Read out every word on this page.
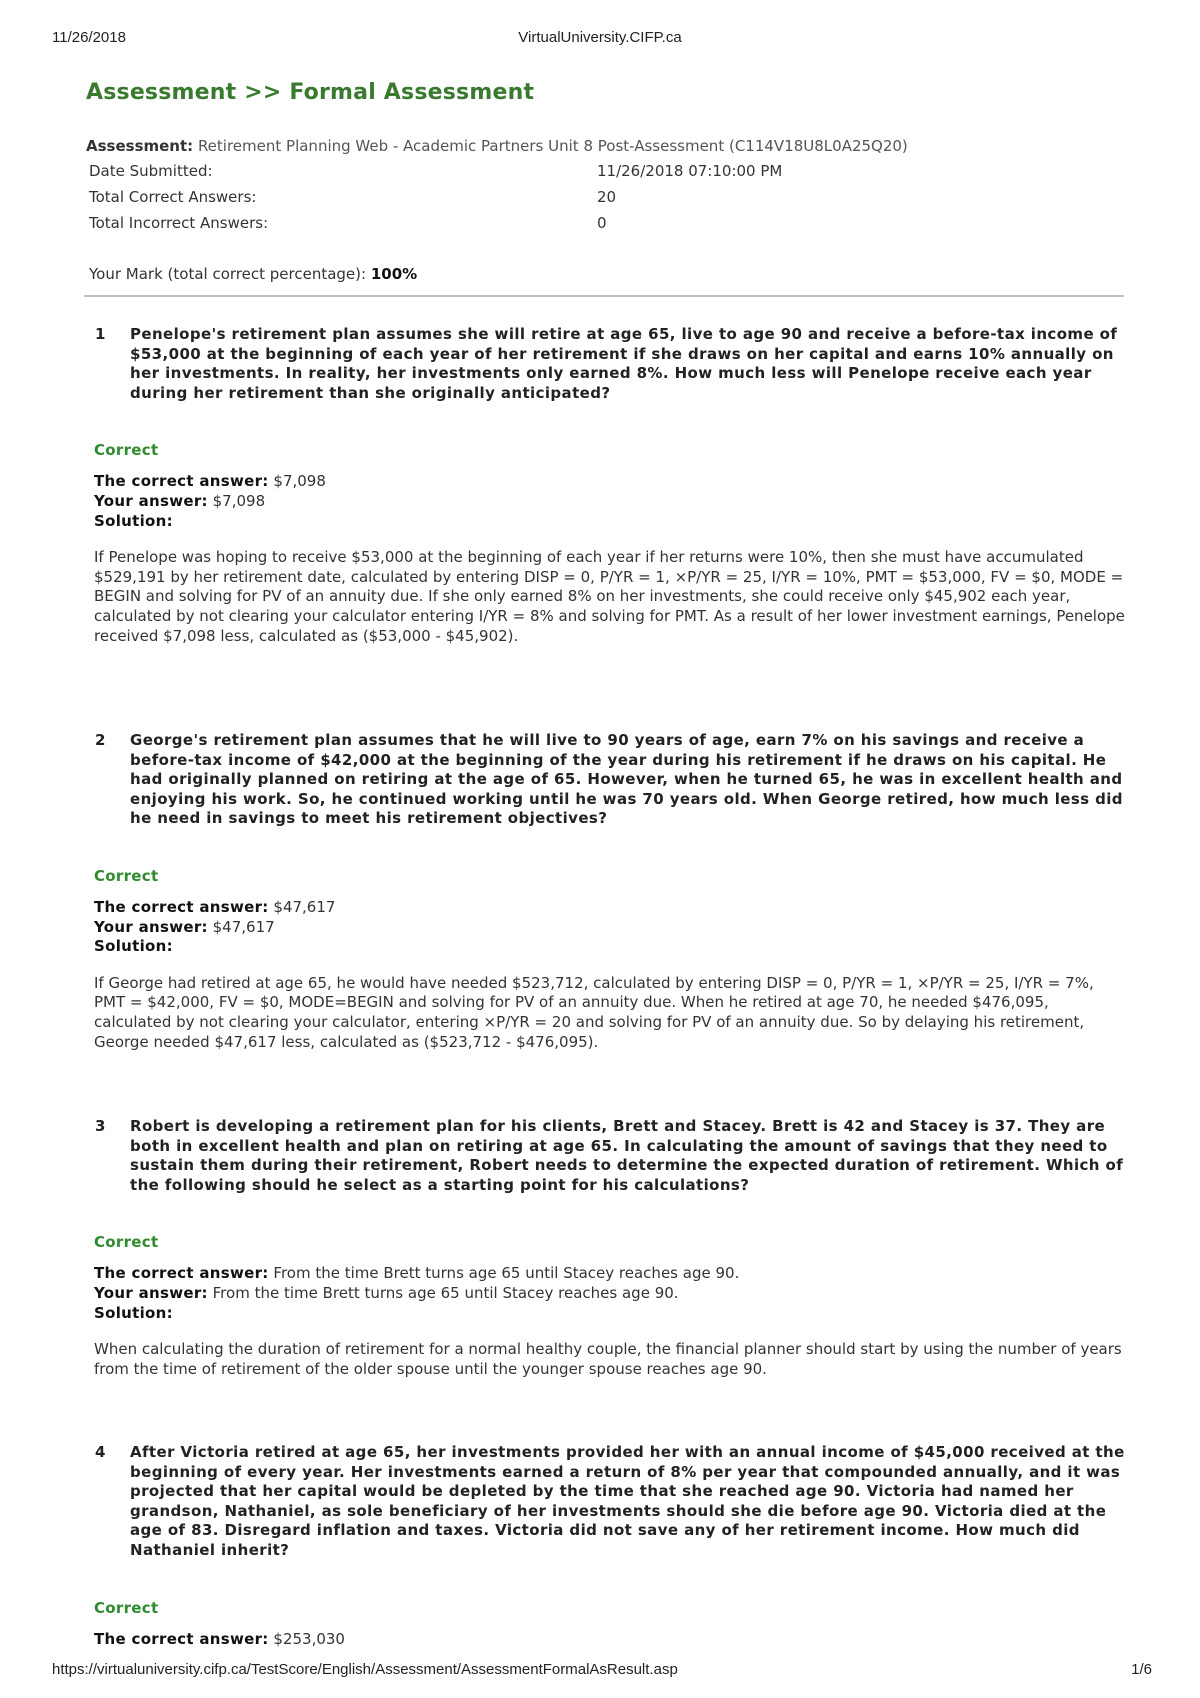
11/26/2018	VirtualUniversity.CIFP.ca
Assessment >> Formal Assessment
Assessment: Retirement Planning Web - Academic Partners Unit 8 Post-Assessment (C114V18U8L0A25Q20)
Date Submitted:	11/26/2018 07:10:00 PM
Total Correct Answers:	20
Total Incorrect Answers:	0
Your Mark (total correct percentage): 100%
1 Penelope's retirement plan assumes she will retire at age 65, live to age 90 and receive a before-tax income of $53,000 at the beginning of each year of her retirement if she draws on her capital and earns 10% annually on her investments. In reality, her investments only earned 8%. How much less will Penelope receive each year during her retirement than she originally anticipated?
Correct
The correct answer: $7,098
Your answer: $7,098
Solution:
If Penelope was hoping to receive $53,000 at the beginning of each year if her returns were 10%, then she must have accumulated $529,191 by her retirement date, calculated by entering DISP = 0, P/YR = 1, ×P/YR = 25, I/YR = 10%, PMT = $53,000, FV = $0, MODE = BEGIN and solving for PV of an annuity due. If she only earned 8% on her investments, she could receive only $45,902 each year, calculated by not clearing your calculator entering I/YR = 8% and solving for PMT. As a result of her lower investment earnings, Penelope received $7,098 less, calculated as ($53,000 - $45,902).
2 George's retirement plan assumes that he will live to 90 years of age, earn 7% on his savings and receive a before-tax income of $42,000 at the beginning of the year during his retirement if he draws on his capital. He had originally planned on retiring at the age of 65. However, when he turned 65, he was in excellent health and enjoying his work. So, he continued working until he was 70 years old. When George retired, how much less did he need in savings to meet his retirement objectives?
Correct
The correct answer: $47,617
Your answer: $47,617
Solution:
If George had retired at age 65, he would have needed $523,712, calculated by entering DISP = 0, P/YR = 1, ×P/YR = 25, I/YR = 7%, PMT = $42,000, FV = $0, MODE=BEGIN and solving for PV of an annuity due. When he retired at age 70, he needed $476,095, calculated by not clearing your calculator, entering ×P/YR = 20 and solving for PV of an annuity due. So by delaying his retirement, George needed $47,617 less, calculated as ($523,712 - $476,095).
3 Robert is developing a retirement plan for his clients, Brett and Stacey. Brett is 42 and Stacey is 37. They are both in excellent health and plan on retiring at age 65. In calculating the amount of savings that they need to sustain them during their retirement, Robert needs to determine the expected duration of retirement. Which of the following should he select as a starting point for his calculations?
Correct
The correct answer: From the time Brett turns age 65 until Stacey reaches age 90.
Your answer: From the time Brett turns age 65 until Stacey reaches age 90.
Solution:
When calculating the duration of retirement for a normal healthy couple, the financial planner should start by using the number of years from the time of retirement of the older spouse until the younger spouse reaches age 90.
4 After Victoria retired at age 65, her investments provided her with an annual income of $45,000 received at the beginning of every year. Her investments earned a return of 8% per year that compounded annually, and it was projected that her capital would be depleted by the time that she reached age 90. Victoria had named her grandson, Nathaniel, as sole beneficiary of her investments should she die before age 90. Victoria died at the age of 83. Disregard inflation and taxes. Victoria did not save any of her retirement income. How much did Nathaniel inherit?
Correct
The correct answer: $253,030
https://virtualuniversity.cifp.ca/TestScore/English/Assessment/AssessmentFormalAsResult.asp	1/6
